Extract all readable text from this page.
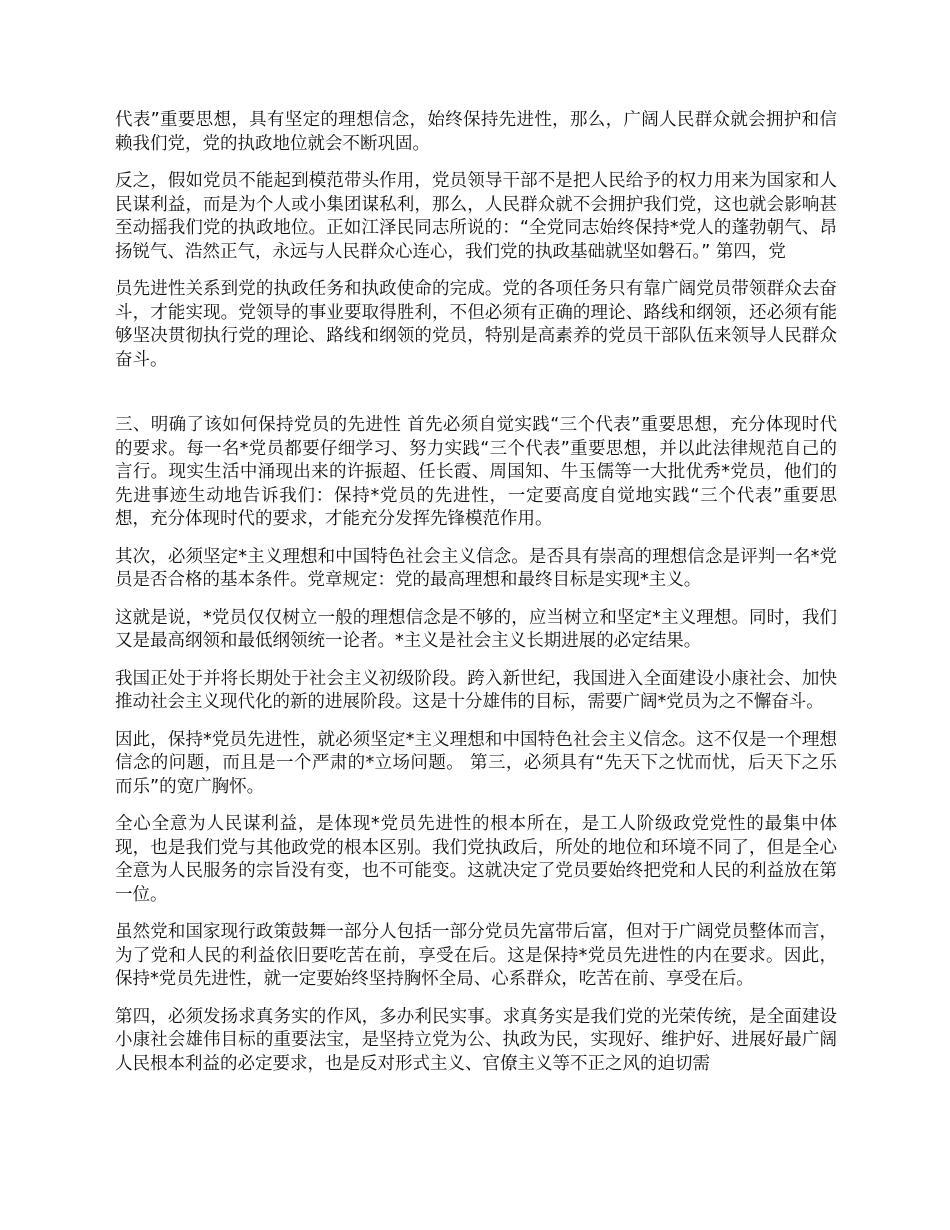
代表”重要思想，具有坚定的理想信念，始终保持先进性，那么，广阔人民群众就会拥护和信赖我们党，党的执政地位就会不断巩固。

反之，假如党员不能起到模范带头作用，党员领导干部不是把人民给予的权力用来为国家和人民谋利益，而是为个人或小集团谋私利，那么，人民群众就不会拥护我们党，这也就会影响甚至动摇我们党的执政地位。正如江泽民同志所说的：“全党同志始终保持*党人的蓬勃朝气、昂扬锐气、浩然正气，永远与人民群众心连心，我们党的执政基础就坚如磐石。” 第四，党

员先进性关系到党的执政任务和执政使命的完成。党的各项任务只有靠广阔党员带领群众去奋斗，才能实现。党领导的事业要取得胜利，不但必须有正确的理论、路线和纲领，还必须有能够坚决贯彻执行党的理论、路线和纲领的党员，特别是高素养的党员干部队伍来领导人民群众奋斗。

三、明确了该如何保持党员的先进性 首先必须自觉实践“三个代表”重要思想，充分体现时代的要求。每一名*党员都要仔细学习、努力实践“三个代表”重要思想，并以此法律规范自己的言行。现实生活中涌现出来的许振超、任长霞、周国知、牛玉儒等一大批优秀*党员，他们的先进事迹生动地告诉我们：保持*党员的先进性，一定要高度自觉地实践“三个代表”重要思想，充分体现时代的要求，才能充分发挥先锋模范作用。

其次，必须坚定*主义理想和中国特色社会主义信念。是否具有崇高的理想信念是评判一名*党员是否合格的基本条件。党章规定：党的最高理想和最终目标是实现*主义。

这就是说，*党员仅仅树立一般的理想信念是不够的，应当树立和坚定*主义理想。同时，我们又是最高纲领和最低纲领统一论者。*主义是社会主义长期进展的必定结果。

我国正处于并将长期处于社会主义初级阶段。跨入新世纪，我国进入全面建设小康社会、加快推动社会主义现代化的新的进展阶段。这是十分雄伟的目标，需要广阔*党员为之不懈奋斗。

因此，保持*党员先进性，就必须坚定*主义理想和中国特色社会主义信念。这不仅是一个理想信念的问题，而且是一个严肃的*立场问题。 第三，必须具有“先天下之忧而忧，后天下之乐而乐”的宽广胸怀。

全心全意为人民谋利益，是体现*党员先进性的根本所在，是工人阶级政党党性的最集中体现，也是我们党与其他政党的根本区别。我们党执政后，所处的地位和环境不同了，但是全心全意为人民服务的宗旨没有变，也不可能变。这就决定了党员要始终把党和人民的利益放在第一位。

虽然党和国家现行政策鼓舞一部分人包括一部分党员先富带后富，但对于广阔党员整体而言，为了党和人民的利益依旧要吃苦在前，享受在后。这是保持*党员先进性的内在要求。因此，保持*党员先进性，就一定要始终坚持胸怀全局、心系群众，吃苦在前、享受在后。

第四，必须发扬求真务实的作风，多办利民实事。求真务实是我们党的光荣传统，是全面建设小康社会雄伟目标的重要法宝，是坚持立党为公、执政为民，实现好、维护好、进展好最广阔人民根本利益的必定要求，也是反对形式主义、官僚主义等不正之风的迫切需
